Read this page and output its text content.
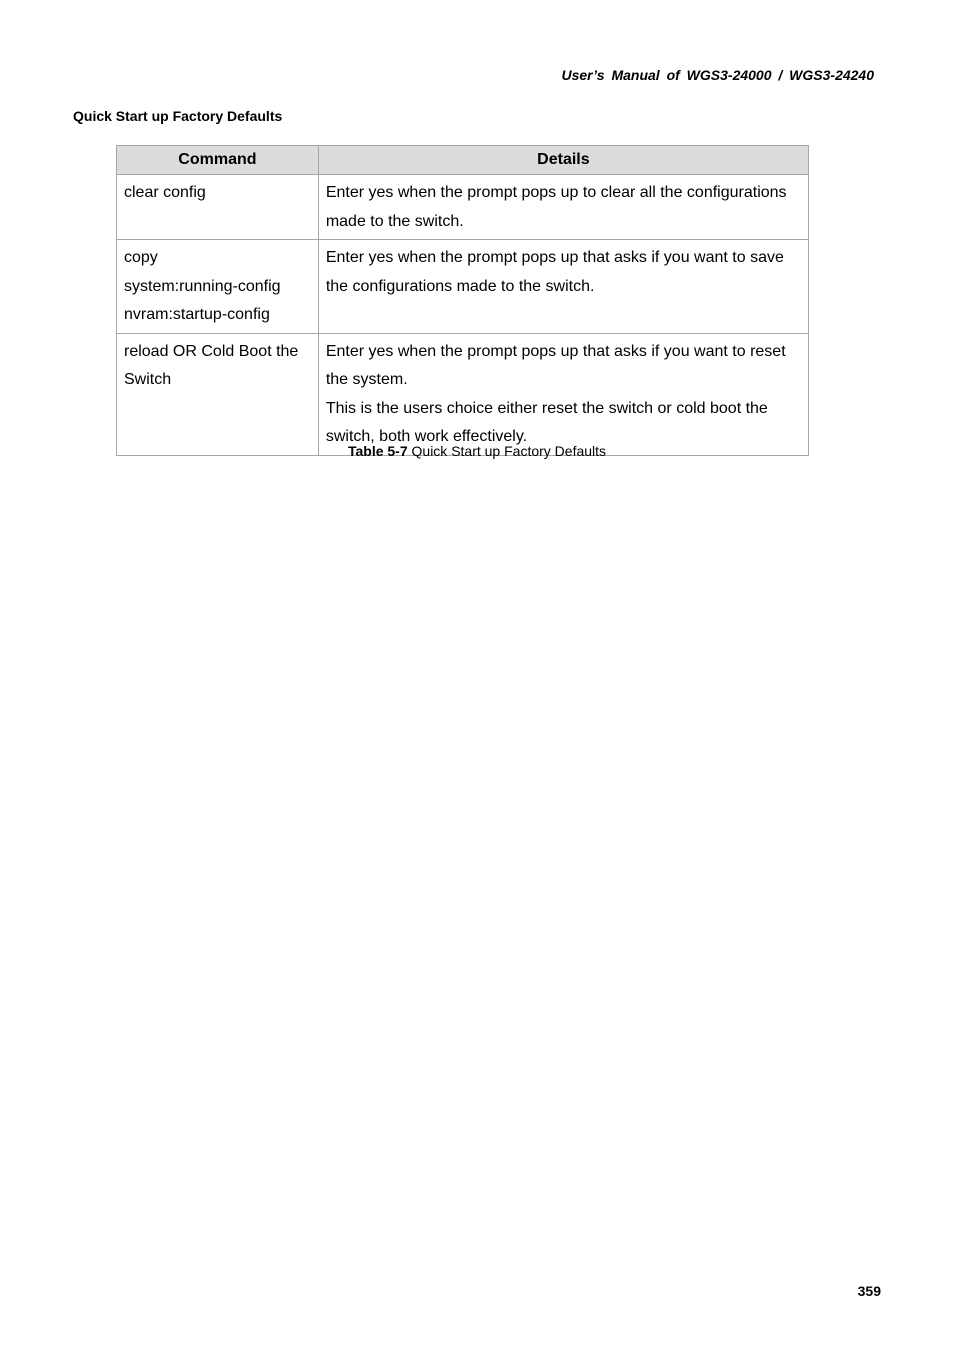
User’s Manual of WGS3-24000 / WGS3-24240
Quick Start up Factory Defaults
Command	Details

clear config	Enter yes when the prompt pops up to clear all the configurations
made to the switch.

copy
system:running-config
nvram:startup-config	Enter yes when the prompt pops up that asks if you want to save
the configurations made to the switch.

reload OR Cold Boot the
Switch	Enter yes when the prompt pops up that asks if you want to reset
the system.
This is the users choice either reset the switch or cold boot the
switch, both work effectively.
Table 5-7 Quick Start up Factory Defaults
359
